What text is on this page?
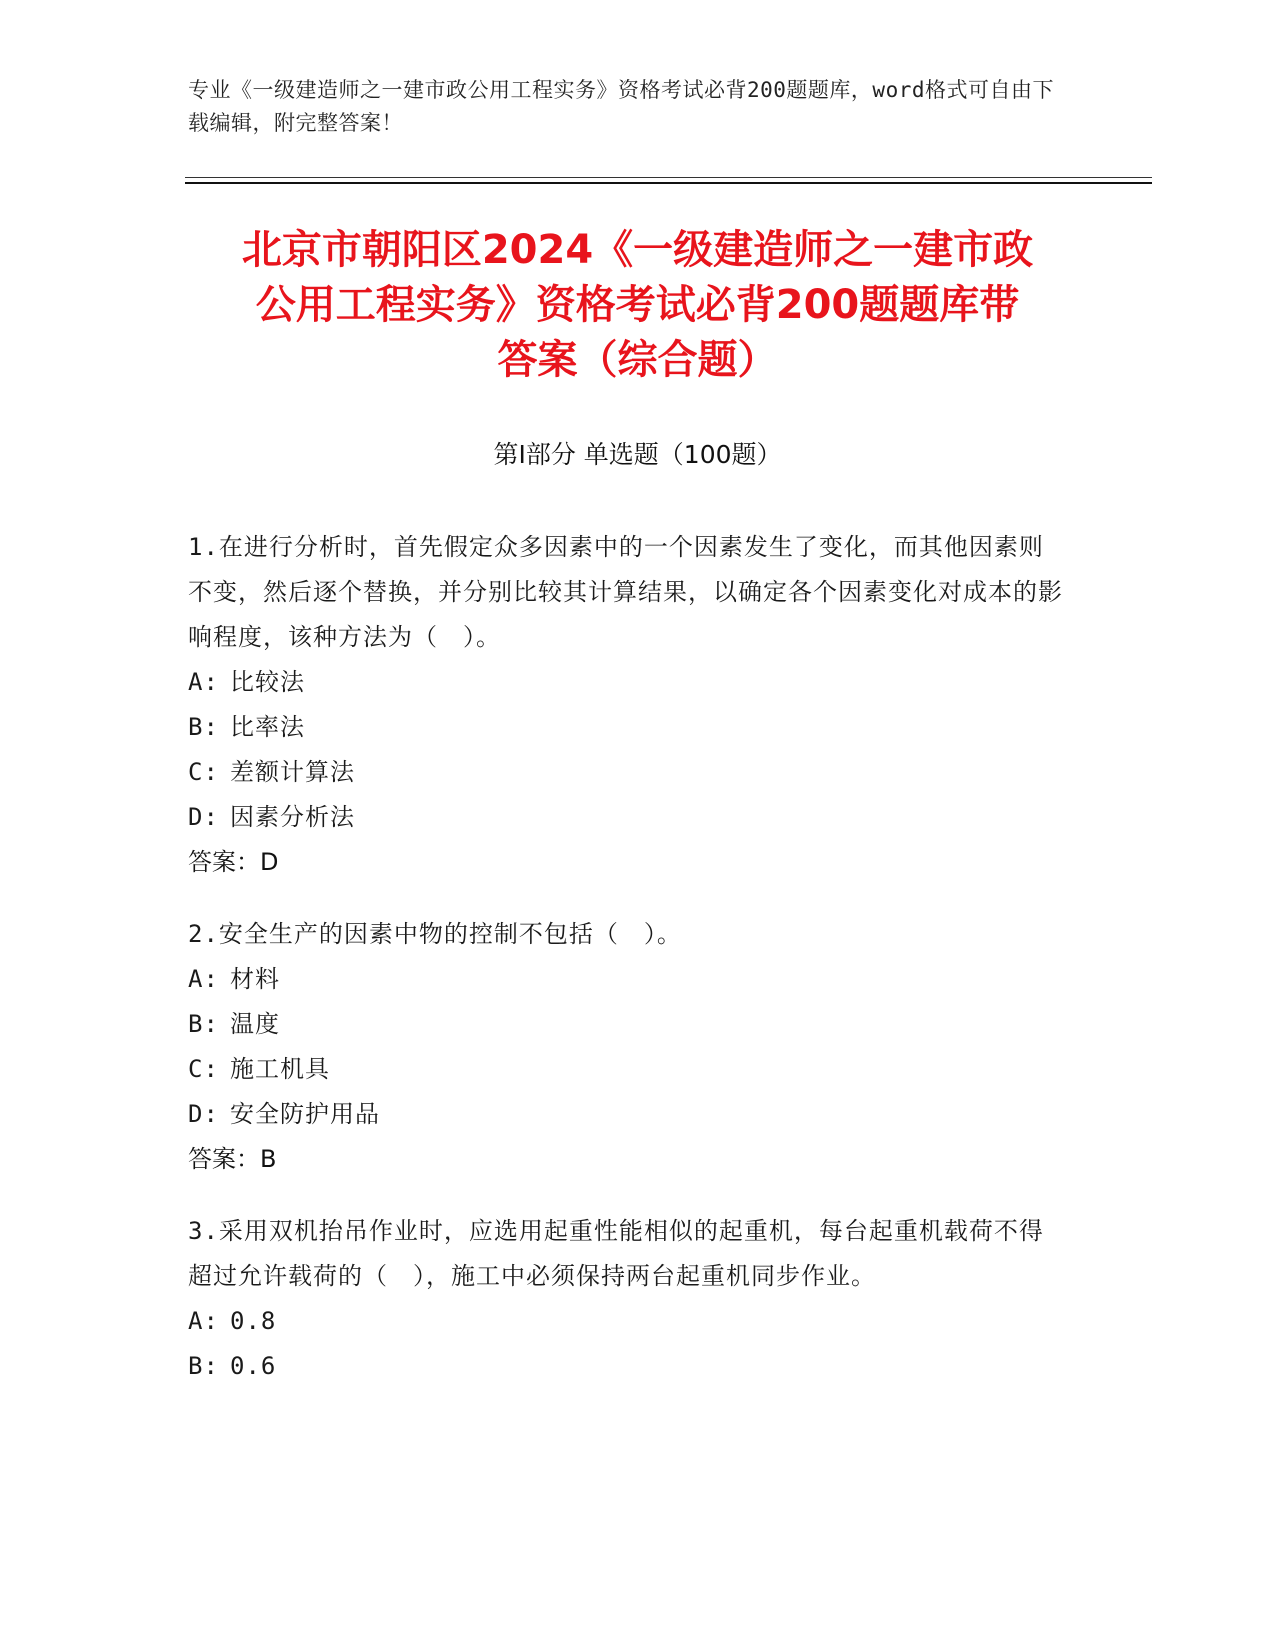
专业《一级建造师之一建市政公用工程实务》资格考试必背200题题库，word格式可自由下载编辑，附完整答案！
北京市朝阳区2024《一级建造师之一建市政
公用工程实务》资格考试必背200题题库带
答案（综合题）
第I部分 单选题（100题）

1.在进行分析时，首先假定众多因素中的一个因素发生了变化，而其他因素则不变，然后逐个替换，并分别比较其计算结果，以确定各个因素变化对成本的影响程度，该种方法为（　）。

A: 比较法

B: 比率法

C: 差额计算法

D: 因素分析法

答案：D

2.安全生产的因素中物的控制不包括（　）。

A: 材料

B: 温度

C: 施工机具

D: 安全防护用品

答案：B

3.采用双机抬吊作业时，应选用起重性能相似的起重机，每台起重机载荷不得超过允许载荷的（　），施工中必须保持两台起重机同步作业。

A: 0.8

B: 0.6
